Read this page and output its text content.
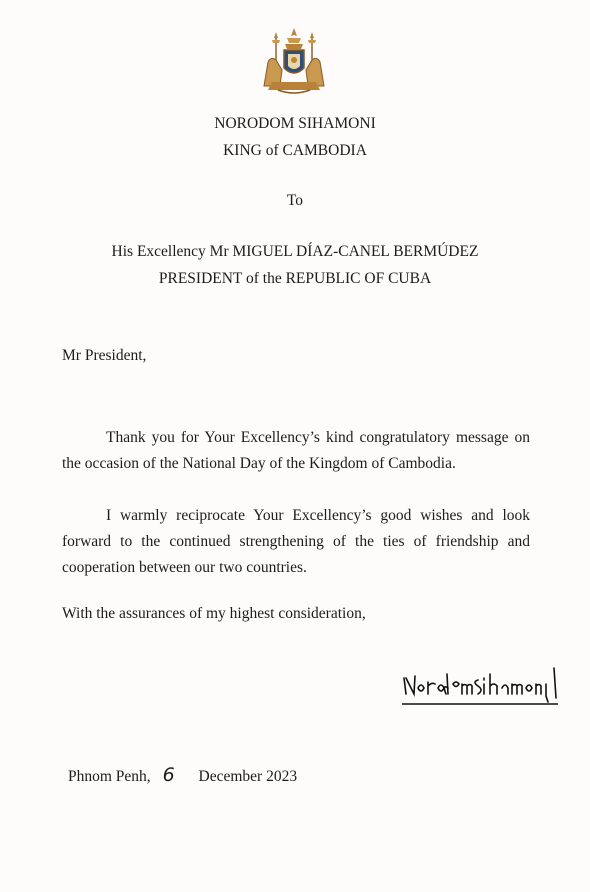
NORODOM SIHAMONI
KING of CAMBODIA
To
His Excellency Mr MIGUEL DÍAZ-CANEL BERMÚDEZ
PRESIDENT of the REPUBLIC OF CUBA
Mr President,
Thank you for Your Excellency’s kind congratulatory message on the occasion of the National Day of the Kingdom of Cambodia.
I warmly reciprocate Your Excellency’s good wishes and look forward to the continued strengthening of the ties of friendship and cooperation between our two countries.
With the assurances of my highest consideration,
Phnom Penh, 6 December 2023
